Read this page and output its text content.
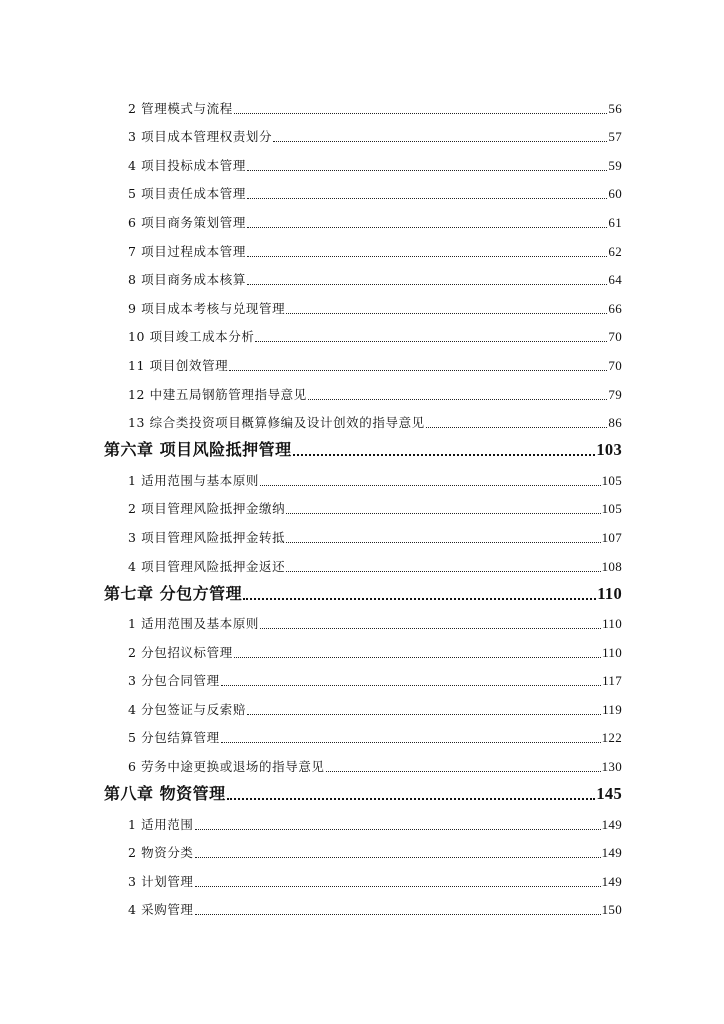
2 管理模式与流程	56
3 项目成本管理权责划分	57
4 项目投标成本管理	59
5 项目责任成本管理	60
6 项目商务策划管理	61
7 项目过程成本管理	62
8 项目商务成本核算	64
9 项目成本考核与兑现管理	66
10 项目竣工成本分析	70
11 项目创效管理	70
12 中建五局钢筋管理指导意见	79
13 综合类投资项目概算修编及设计创效的指导意见	86
第六章 项目风险抵押管理	103
1 适用范围与基本原则	105
2 项目管理风险抵押金缴纳	105
3 项目管理风险抵押金转抵	107
4 项目管理风险抵押金返还	108
第七章 分包方管理	110
1 适用范围及基本原则	110
2 分包招议标管理	110
3 分包合同管理	117
4 分包签证与反索赔	119
5 分包结算管理	122
6 劳务中途更换或退场的指导意见	130
第八章 物资管理	145
1 适用范围	149
2 物资分类	149
3 计划管理	149
4 采购管理	150
